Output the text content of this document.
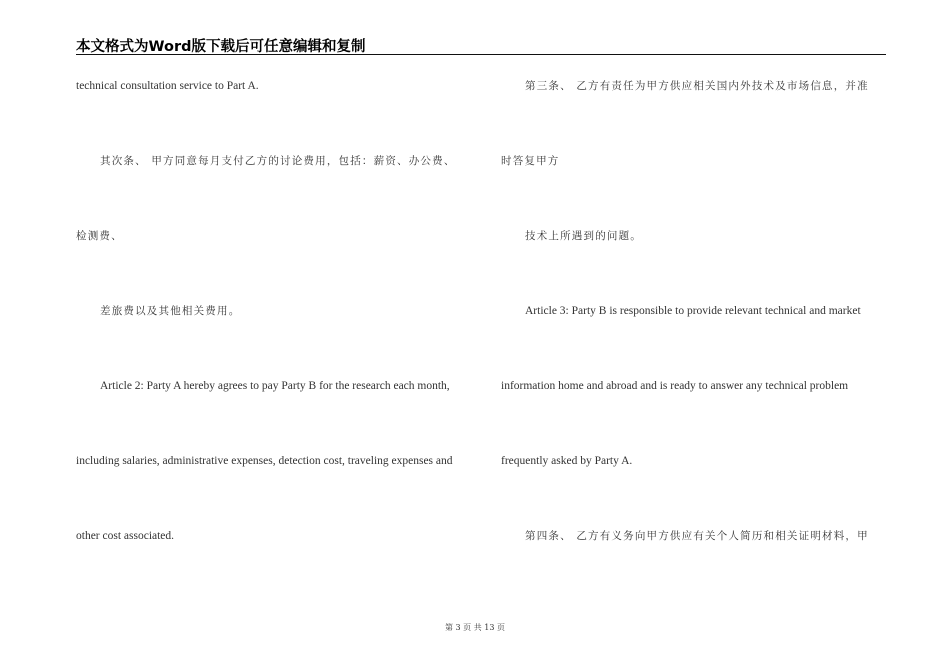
本文格式为Word版下载后可任意编辑和复制
technical consultation service to Part A.
其次条、 甲方同意每月支付乙方的讨论费用，包括：薪资、办公费、
检测费、
差旅费以及其他相关费用。
Article 2: Party A hereby agrees to pay Party B for the research each month,
including salaries, administrative expenses, detection cost, traveling expenses and
other cost associated.
第三条、 乙方有责任为甲方供应相关国内外技术及市场信息，并准
时答复甲方
技术上所遇到的问题。
Article 3: Party B is responsible to provide relevant technical and market
information home and abroad and is ready to answer any technical problem
frequently asked by Party A.
第四条、 乙方有义务向甲方供应有关个人简历和相关证明材料，甲
第 3 页 共 13 页
